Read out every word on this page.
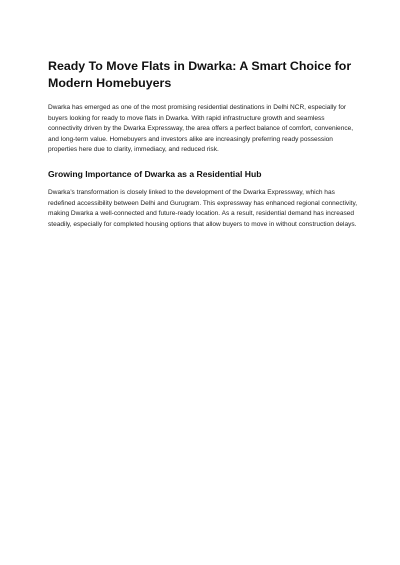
Ready To Move Flats in Dwarka: A Smart Choice for Modern Homebuyers

Dwarka has emerged as one of the most promising residential destinations in Delhi NCR, especially for buyers looking for ready to move flats in Dwarka. With rapid infrastructure growth and seamless connectivity driven by the Dwarka Expressway, the area offers a perfect balance of comfort, convenience, and long-term value. Homebuyers and investors alike are increasingly preferring ready possession properties here due to clarity, immediacy, and reduced risk.

Growing Importance of Dwarka as a Residential Hub

Dwarka’s transformation is closely linked to the development of the Dwarka Expressway, which has redefined accessibility between Delhi and Gurugram. This expressway has enhanced regional connectivity, making Dwarka a well-connected and future-ready location. As a result, residential demand has increased steadily, especially for completed housing options that allow buyers to move in without construction delays.
